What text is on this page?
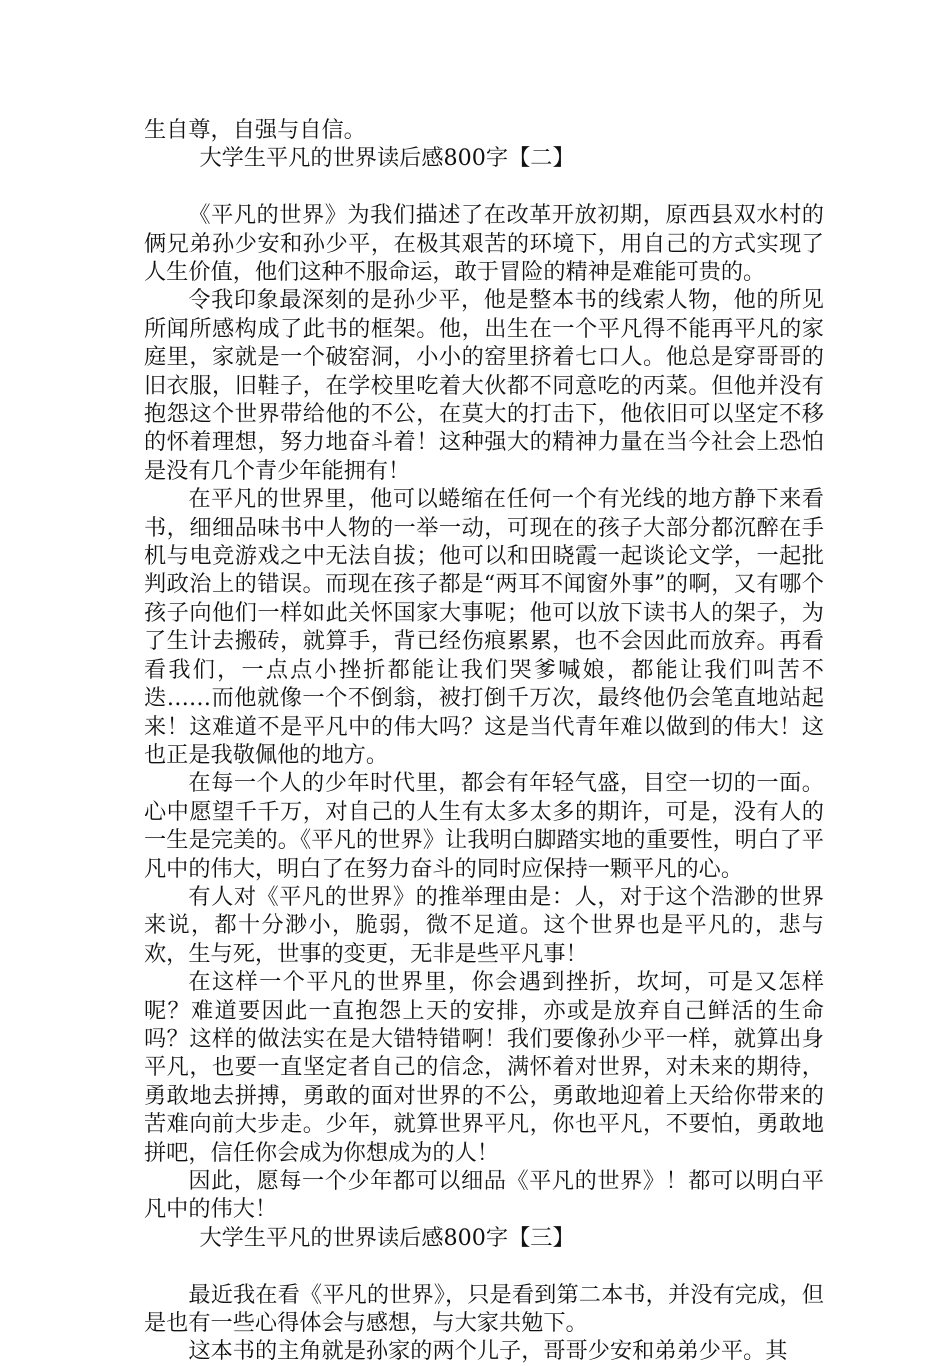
生自尊，自强与自信。

大学生平凡的世界读后感800字【二】

《平凡的世界》为我们描述了在改革开放初期，原西县双水村的俩兄弟孙少安和孙少平，在极其艰苦的环境下，用自己的方式实现了人生价值，他们这种不服命运，敢于冒险的精神是难能可贵的。

令我印象最深刻的是孙少平，他是整本书的线索人物，他的所见所闻所感构成了此书的框架。他，出生在一个平凡得不能再平凡的家庭里，家就是一个破窑洞，小小的窑里挤着七口人。他总是穿哥哥的旧衣服，旧鞋子，在学校里吃着大伙都不同意吃的丙菜。但他并没有抱怨这个世界带给他的不公，在莫大的打击下，他依旧可以坚定不移的怀着理想，努力地奋斗着！这种强大的精神力量在当今社会上恐怕是没有几个青少年能拥有！

在平凡的世界里，他可以蜷缩在任何一个有光线的地方静下来看书，细细品味书中人物的一举一动，可现在的孩子大部分都沉醉在手机与电竞游戏之中无法自拔；他可以和田晓霞一起谈论文学，一起批判政治上的错误。而现在孩子都是“两耳不闻窗外事”的啊，又有哪个孩子向他们一样如此关怀国家大事呢；他可以放下读书人的架子，为了生计去搬砖，就算手，背已经伤痕累累，也不会因此而放弃。再看看我们，一点点小挫折都能让我们哭爹喊娘，都能让我们叫苦不迭……而他就像一个不倒翁，被打倒千万次，最终他仍会笔直地站起来！这难道不是平凡中的伟大吗？这是当代青年难以做到的伟大！这也正是我敬佩他的地方。

在每一个人的少年时代里，都会有年轻气盛，目空一切的一面。心中愿望千千万，对自己的人生有太多太多的期许，可是，没有人的一生是完美的。《平凡的世界》让我明白脚踏实地的重要性，明白了平凡中的伟大，明白了在努力奋斗的同时应保持一颗平凡的心。

有人对《平凡的世界》的推举理由是：人，对于这个浩渺的世界来说，都十分渺小，脆弱，微不足道。这个世界也是平凡的，悲与欢，生与死，世事的变更，无非是些平凡事！

在这样一个平凡的世界里，你会遇到挫折，坎坷，可是又怎样呢？难道要因此一直抱怨上天的安排，亦或是放弃自己鲜活的生命吗？这样的做法实在是大错特错啊！我们要像孙少平一样，就算出身平凡，也要一直坚定者自己的信念，满怀着对世界，对未来的期待，勇敢地去拼搏，勇敢的面对世界的不公，勇敢地迎着上天给你带来的苦难向前大步走。少年，就算世界平凡，你也平凡，不要怕，勇敢地拼吧，信任你会成为你想成为的人！

因此，愿每一个少年都可以细品《平凡的世界》！都可以明白平凡中的伟大！

大学生平凡的世界读后感800字【三】

最近我在看《平凡的世界》，只是看到第二本书，并没有完成，但是也有一些心得体会与感想，与大家共勉下。

这本书的主角就是孙家的两个儿子，哥哥少安和弟弟少平。其
